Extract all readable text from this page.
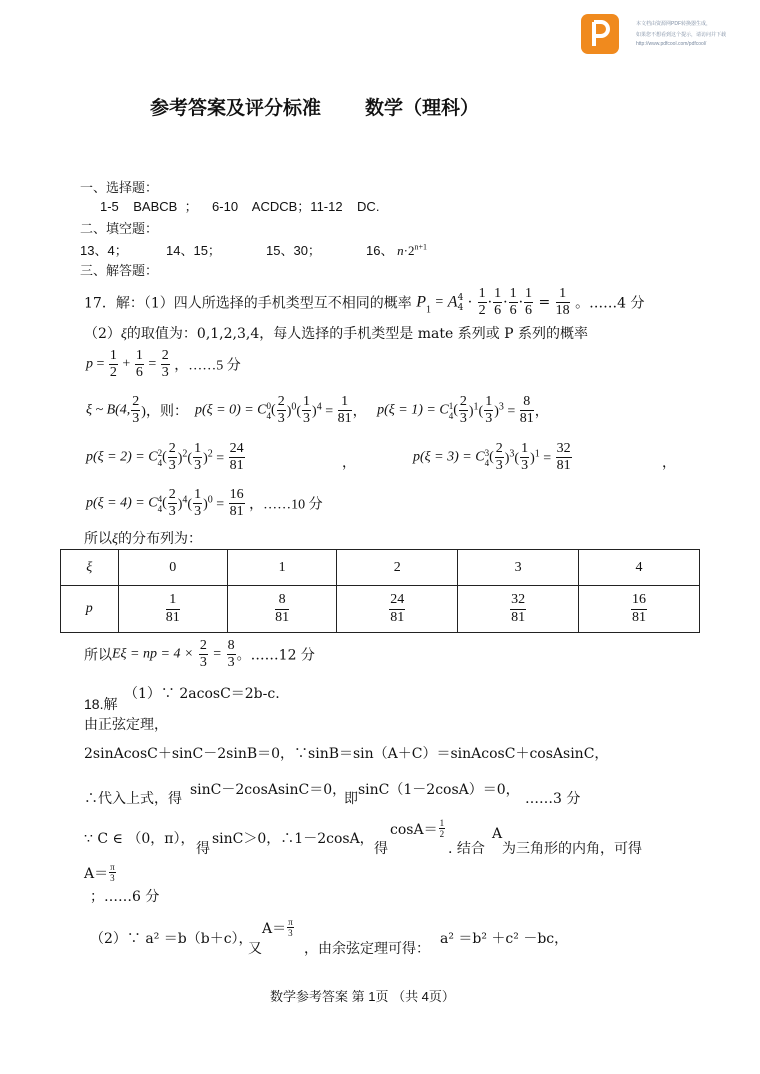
本文档由资源网PDF转换器生成，
如果您不想看到这个提示，请访问并下载
http://www.pdfcool.com/pdfcool/
参考答案及评分标准 数学（理科）
一、选择题：
1-5 BABCB ； 6-10 ACDCB；11-12 DC.
二、填空题：
13、4；	14、15；	15、30；	16、 $n\cdot 2^{n+1}$
三、解答题：
17．解：（1）四人所选择的手机类型互不相同的概率 $P_1 = A$ 4
$4 \cdot \frac{1}{2} \cdot \frac{1}{6} \cdot \frac{1}{6} \cdot \frac{1}{6} = \frac{1}{18}$ 。……4 分
（2）ξ的取值为：0,1,2,3,4，每人选择的手机类型是 mate 系列或 P 系列的概率
$p = \frac{1}{2} + \frac{1}{6} = \frac{2}{3}$ ，……5 分
ξ ~ B(4, $\frac{2}{3}$ )，则： p(ξ = 0) = C 0
4 ( $\frac{2}{3} )^0( \frac{1}{3} )^4 = \frac{1}{81}$ ， p(ξ = 1) = C 1
4 ( $\frac{2}{3} )^1( \frac{1}{3} )^3 = \frac{8}{81}$ ，
p(ξ = 2) = C 2
4 ( $\frac{2}{3} )^2( \frac{1}{3} )^2 = \frac{24}{81}$	，	p(ξ = 3) = C 3
4 ( $\frac{2}{3} )^3( \frac{1}{3} )^1 = \frac{32}{81}$	，
p(ξ = 4) = C 4
4 ( $\frac{2}{3} )^4( \frac{1}{3} )^0 = \frac{16}{81}$ ，……10 分
所以ξ的分布列为：
ξ	0	1	2	3	4
p	$\frac{1}{81}$	$\frac{8}{81}$	$\frac{24}{81}$	$\frac{32}{81}$	$\frac{16}{81}$
所以Eξ = np = $4 \times \frac{2}{3} = \frac{8}{3}$ 。……12 分
18.解
（1）∵ 2acosC＝2b-c.
由正弦定理，
2sinAcosC＋sinC－2sinB＝0，∵sinB＝sin（A＋C）＝sinAcosC＋cosAsinC，
∴代入上式，得
sinC－2cosAsinC＝0，
即
sinC（1－2cosA）＝0，
……3 分
∵ C ∈ （0，π），
得
sinC＞0，∴1－2cosA，
得
$\cos A= \frac{1}{2}$
. 结合
A
为三角形的内角，可得
$A= \frac{\pi}{3}$
；……6 分
（2）∵ a² ＝b（b＋c），
又
$A= \frac{\pi}{3}$
，由余弦定理可得：
a² ＝b² ＋c² －bc，
数学参考答案 第 1页 （共 4页）
